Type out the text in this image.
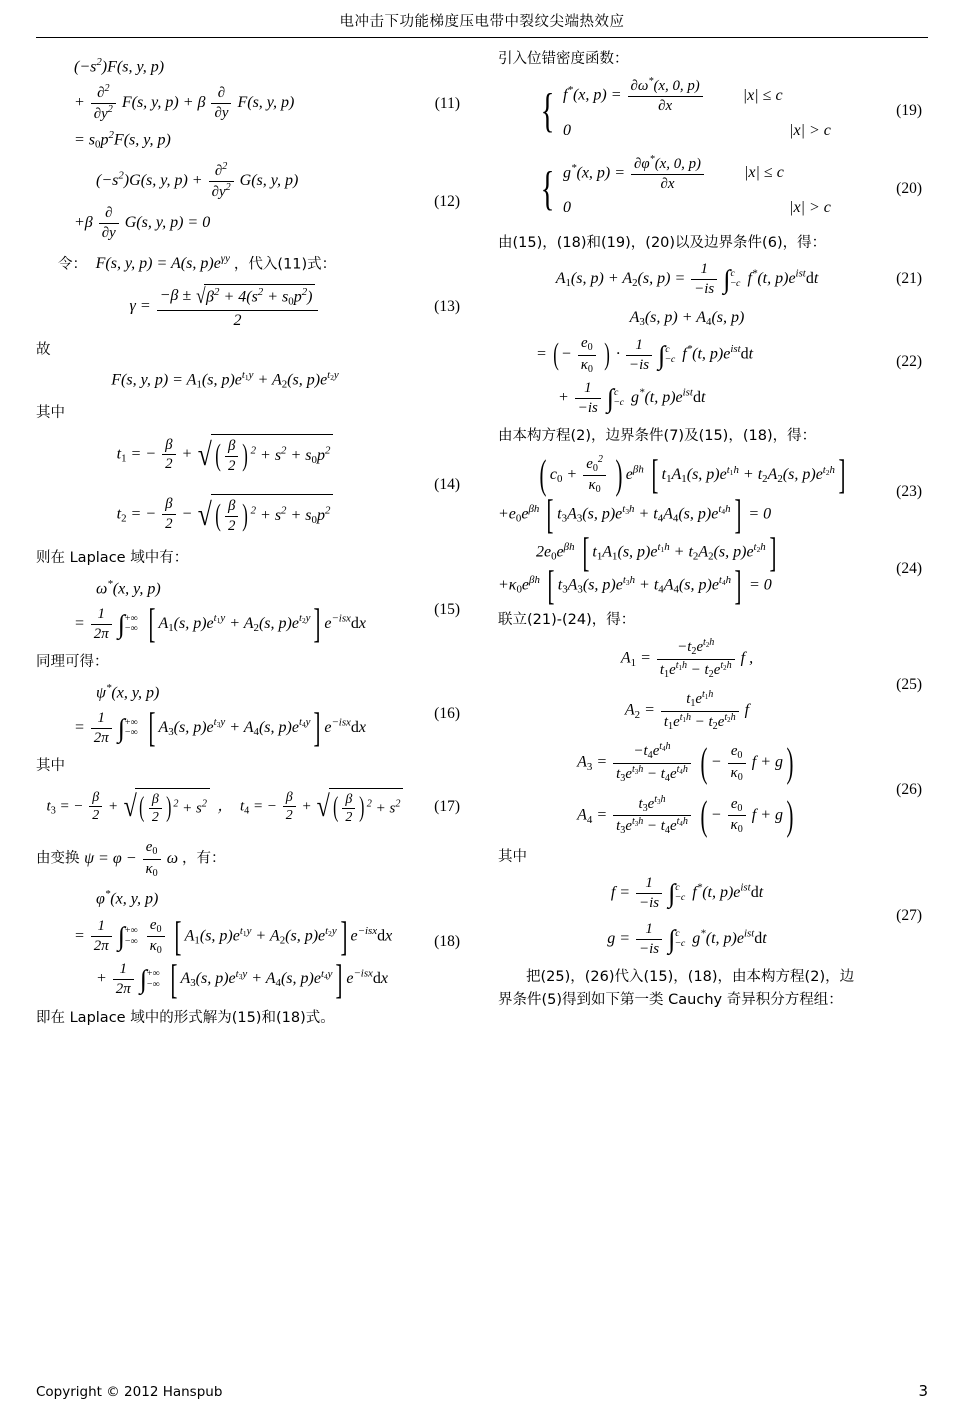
电冲击下功能梯度压电带中裂纹尖端热效应
$(-s^2)F(s$, y, p)
+ $\frac{\partial^2}{\partial y^2} F(s$, y, p) + β $\frac{\partial}{\partial y} F(s$, y, p)
= $s_0p^2F(s$, y, p)
(11)
$(-s^2)G(s$, y, $p) + \frac{\partial^2}{\partial y^2} G(s$, y, p)
$+\beta \frac{\partial}{\partial y} G(s$, y, p) = 0
(12)
令： F(s, y, p) = A(s, $p)e^{\gamma y}$ ，代入(11)式：
$\gamma = \frac{-\beta \pm √\beta^2 + 4(s^2 + s_0p^2)}{2}$	(13)
故
F(s, y, $p) = A_1(s$, $p)e^{t_1y} + A_2(s$, $p)e^{t_2y}$
其中
$t_1$ = − $\frac{\beta}{2}$ + √( $\frac{\beta}{2}$ ) $^2 + s^2 + s_0p^2$
$t_2$ = − $\frac{\beta}{2}$ − √( $\frac{\beta}{2}$ ) $^2 + s^2 + s_0p^2$
(14)
则在 Laplace 域中有：
ω*(x, y, p)
= $\frac{1}{2\pi}$ ∫+∞
−∞ [ $A_1(s$, $p)e^{t_1y} + A_2(s$, $p)e^{t_2y}$] $e^{-isx}dx$
(15)
同理可得：
ψ*(x, y, p)
= $\frac{1}{2\pi}$ ∫+∞
−∞ [ $A_3(s$, $p)e^{t_3y} + A_4(s$, $p)e^{t_4y}$] $e^{-isx}dx$
(16)
其中
$t_3$ = − $\frac{\beta}{2}$ + √( $\frac{\beta}{2}$ ) $^2 + s^2$  ，  $t_4$ = − $\frac{\beta}{2}$ + √( $\frac{\beta}{2}$ ) $^2 + s^2$	(17)
由变换 $\psi = \varphi - \frac{e_0}{\kappa_0}$ ω ，有：
φ*(x, y, p)
= $\frac{1}{2\pi}$ ∫+∞
−∞ $\frac{e_0}{\kappa_0}$ [ $A_1(s$, $p)e^{t_1y} + A_2(s$, $p)e^{t_2y}$] $e^{-isx}dx$
+ $\frac{1}{2\pi}$ ∫+∞
−∞ [ $A_3(s$, $p)e^{t_3y} + A_4(s$, $p)e^{t_4y}$] $e^{-isx}dx$
(18)
即在 Laplace 域中的形式解为(15)和(18)式。
引入位错密度函数：
{ f*(x, $p) = \frac{\partial\omega^*(x, 0, p)}{\partial x}$	|x| ≤ c
0	|x| > c
(19)
{ g*(x, $p) = \frac{\partial\varphi^*(x, 0, p)}{\partial x}$	|x| ≤ c
0	|x| > c
(20)
由(15)，(18)和(19)，(20)以及边界条件(6)，得：
$A_1(s$, $p) + A_2(s$, $p) = \frac{1}{-is} \int c$
−c f*(t, $p)e^{ist}dt$	(21)
$A_3(s$, $p) + A_4(s$, p)
= ( − $\frac{e_0}{\kappa_0}$ ) · $\frac{1}{-is} \int c$
−c f*(t, $p)e^{ist}dt$
+ $\frac{1}{-is} \int c$
−c g*(t, $p)e^{ist}dt$
(22)
由本构方程(2)，边界条件(7)及(15)，(18)，得：
( $c_0 + \frac{e_0^2}{\kappa_0}$ ) $e^{\beta h}$ [ $t_1A_1(s$, $p)e^{t_1h} + t_2A_2(s$, $p)e^{t_2h}$]
$+e_0e^{\beta h}$ [ $t_3A_3(s$, $p)e^{t_3h} + t_4A_4(s$, $p)e^{t_4h}] = 0$
(23)
$2e_0e^{\beta h}$ [ $t_1A_1(s$, $p)e^{t_1h} + t_2A_2(s$, $p)e^{t_2h}$]
$+\kappa_0e^{\beta h}$ [ $t_3A_3(s$, $p)e^{t_3h} + t_4A_4(s$, $p)e^{t_4h}] = 0$
(24)
联立(21)-(24)，得：
$A_1 = \frac{-t_2e^{t_2h}}{t_1e^{t_1h} - t_2e^{t_2h}}$ f ,
$A_2 = \frac{t_1e^{t_1h}}{t_1e^{t_1h} - t_2e^{t_2h}}$ f
(25)
$A_3 = \frac{-t_4e^{t_4h}}{t_3e^{t_3h} - t_4e^{t_4h}}$ ( − $\frac{e_0}{\kappa_0}$ f + g)
$A_4 = \frac{t_3e^{t_3h}}{t_3e^{t_3h} - t_4e^{t_4h}}$ ( − $\frac{e_0}{\kappa_0}$ f + g)
(26)
其中
$f = \frac{1}{-is} \int c$
−c f*(t, $p)e^{ist}dt$
$g = \frac{1}{-is} \int c$
−c g*(t, $p)e^{ist}dt$
(27)
把(25)，(26)代入(15)，(18)，由本构方程(2)，边
界条件(5)得到如下第一类 Cauchy 奇异积分方程组：
Copyright © 2012 Hanspub	3
